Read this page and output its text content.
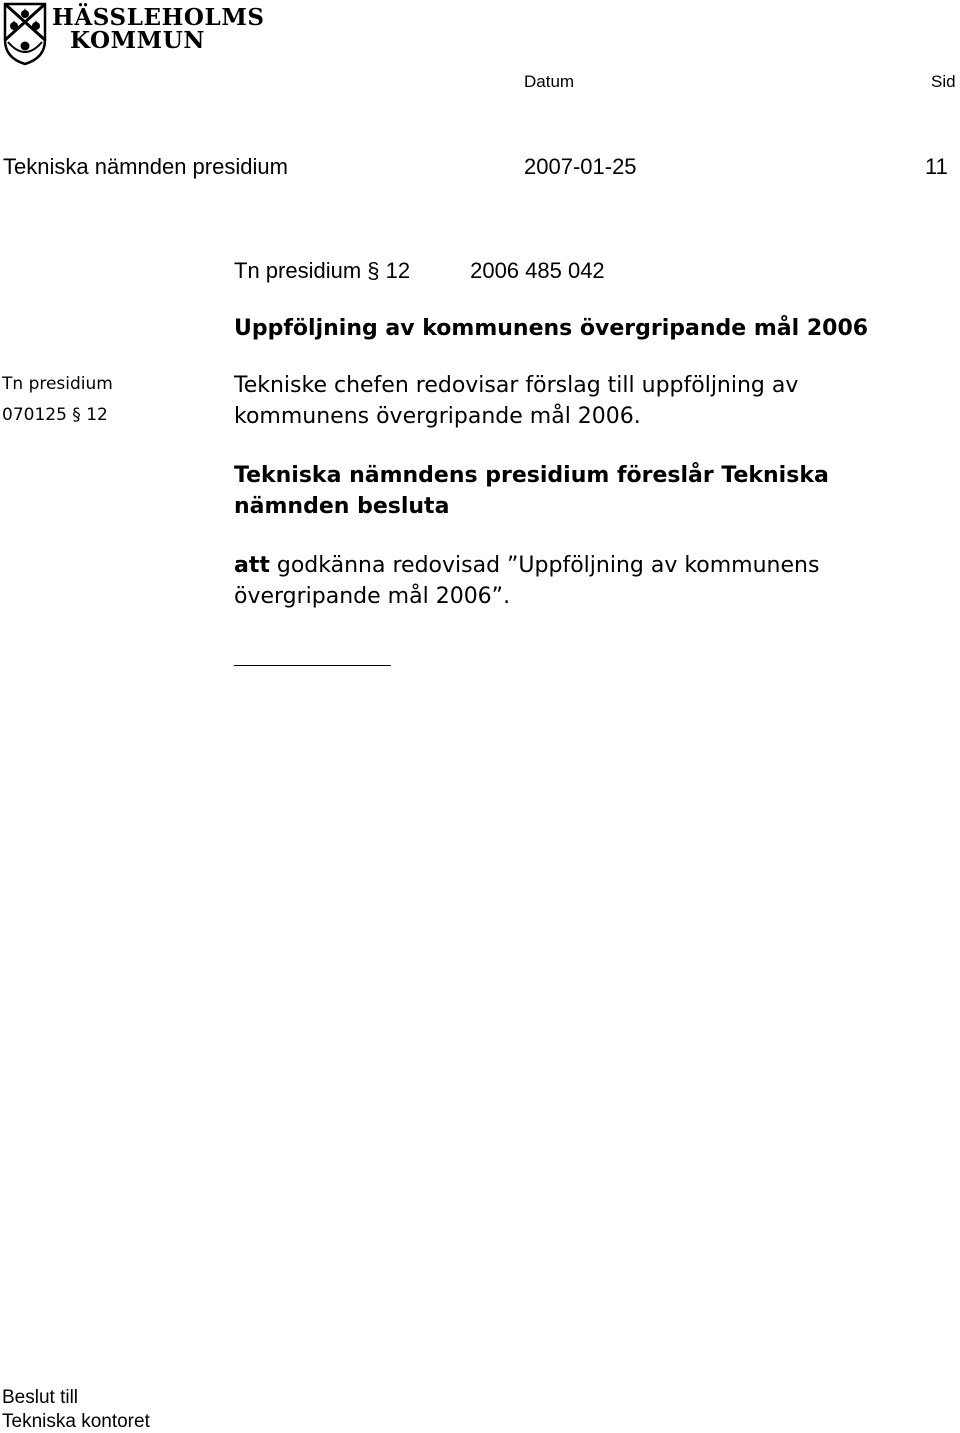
HÄSSLEHOLMS
KOMMUN
Datum	Sid
Tekniska nämnden presidium	2007-01-25	11
Tn presidium § 12	2006 485 042
Uppföljning av kommunens övergripande mål 2006
Tn presidium
070125 § 12
Tekniske chefen redovisar förslag till uppföljning av kommunens övergripande mål 2006.
Tekniska nämndens presidium föreslår Tekniska nämnden besluta
att godkänna redovisad ”Uppföljning av kommunens övergripande mål 2006”.
Beslut till
Tekniska kontoret
